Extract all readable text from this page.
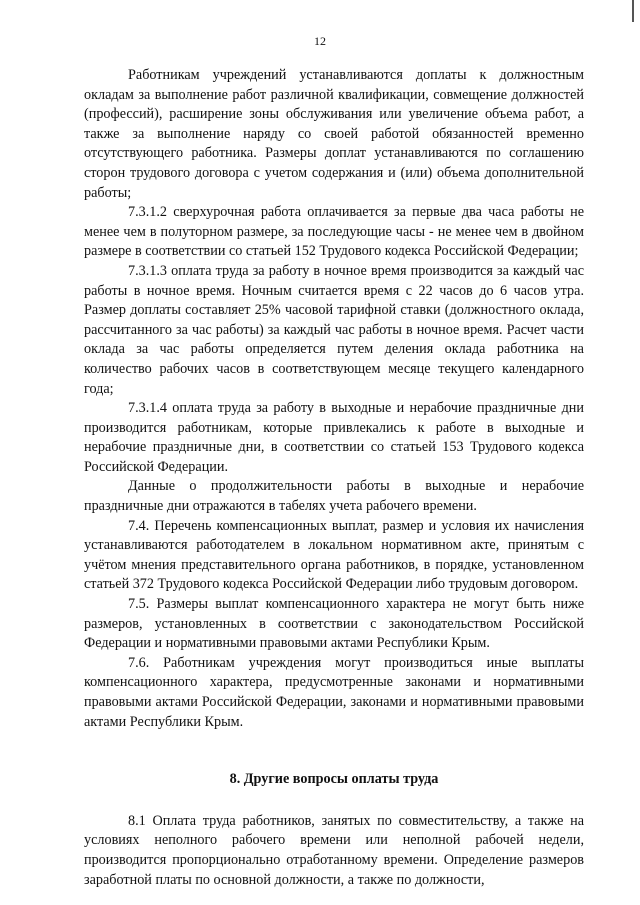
12

Работникам учреждений устанавливаются доплаты к должностным окладам за выполнение работ различной квалификации, совмещение должностей (профессий), расширение зоны обслуживания или увеличение объема работ, а также за выполнение наряду со своей работой обязанностей временно отсутствующего работника. Размеры доплат устанавливаются по соглашению сторон трудового договора с учетом содержания и (или) объема дополнительной работы;

7.3.1.2 сверхурочная работа оплачивается за первые два часа работы не менее чем в полуторном размере, за последующие часы - не менее чем в двойном размере в соответствии со статьей 152 Трудового кодекса Российской Федерации;

7.3.1.3 оплата труда за работу в ночное время производится за каждый час работы в ночное время. Ночным считается время с 22 часов до 6 часов утра. Размер доплаты составляет 25% часовой тарифной ставки (должностного оклада, рассчитанного за час работы) за каждый час работы в ночное время. Расчет части оклада за час работы определяется путем деления оклада работника на количество рабочих часов в соответствующем месяце текущего календарного года;

7.3.1.4 оплата труда за работу в выходные и нерабочие праздничные дни производится работникам, которые привлекались к работе в выходные и нерабочие праздничные дни, в соответствии со статьей 153 Трудового кодекса Российской Федерации.

Данные о продолжительности работы в выходные и нерабочие праздничные дни отражаются в табелях учета рабочего времени.

7.4. Перечень компенсационных выплат, размер и условия их начисления устанавливаются работодателем в локальном нормативном акте, принятым с учётом мнения представительного органа работников, в порядке, установленном статьей 372 Трудового кодекса Российской Федерации либо трудовым договором.

7.5. Размеры выплат компенсационного характера не могут быть ниже размеров, установленных в соответствии с законодательством Российской Федерации и нормативными правовыми актами Республики Крым.

7.6. Работникам учреждения могут производиться иные выплаты компенсационного характера, предусмотренные законами и нормативными правовыми актами Российской Федерации, законами и нормативными правовыми актами Республики Крым.

8. Другие вопросы оплаты труда

8.1 Оплата труда работников, занятых по совместительству, а также на условиях неполного рабочего времени или неполной рабочей недели, производится пропорционально отработанному времени. Определение размеров заработной платы по основной должности, а также по должности,
